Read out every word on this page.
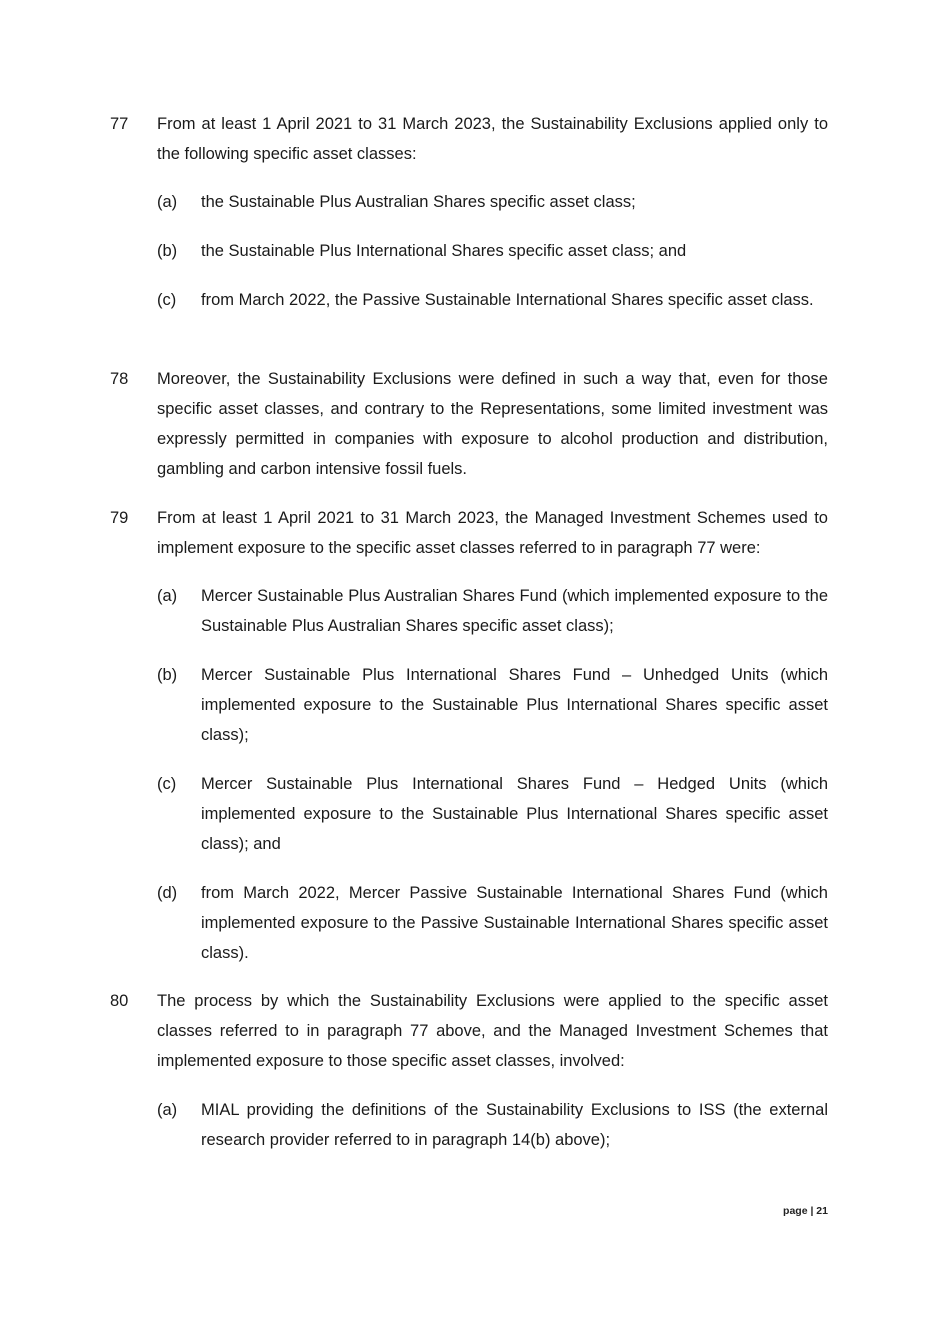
77 From at least 1 April 2021 to 31 March 2023, the Sustainability Exclusions applied only to the following specific asset classes:
(a) the Sustainable Plus Australian Shares specific asset class;
(b) the Sustainable Plus International Shares specific asset class; and
(c) from March 2022, the Passive Sustainable International Shares specific asset class.
78 Moreover, the Sustainability Exclusions were defined in such a way that, even for those specific asset classes, and contrary to the Representations, some limited investment was expressly permitted in companies with exposure to alcohol production and distribution, gambling and carbon intensive fossil fuels.
79 From at least 1 April 2021 to 31 March 2023, the Managed Investment Schemes used to implement exposure to the specific asset classes referred to in paragraph 77 were:
(a) Mercer Sustainable Plus Australian Shares Fund (which implemented exposure to the Sustainable Plus Australian Shares specific asset class);
(b) Mercer Sustainable Plus International Shares Fund – Unhedged Units (which implemented exposure to the Sustainable Plus International Shares specific asset class);
(c) Mercer Sustainable Plus International Shares Fund – Hedged Units (which implemented exposure to the Sustainable Plus International Shares specific asset class); and
(d) from March 2022, Mercer Passive Sustainable International Shares Fund (which implemented exposure to the Passive Sustainable International Shares specific asset class).
80 The process by which the Sustainability Exclusions were applied to the specific asset classes referred to in paragraph 77 above, and the Managed Investment Schemes that implemented exposure to those specific asset classes, involved:
(a) MIAL providing the definitions of the Sustainability Exclusions to ISS (the external research provider referred to in paragraph 14(b) above);
page | 21
